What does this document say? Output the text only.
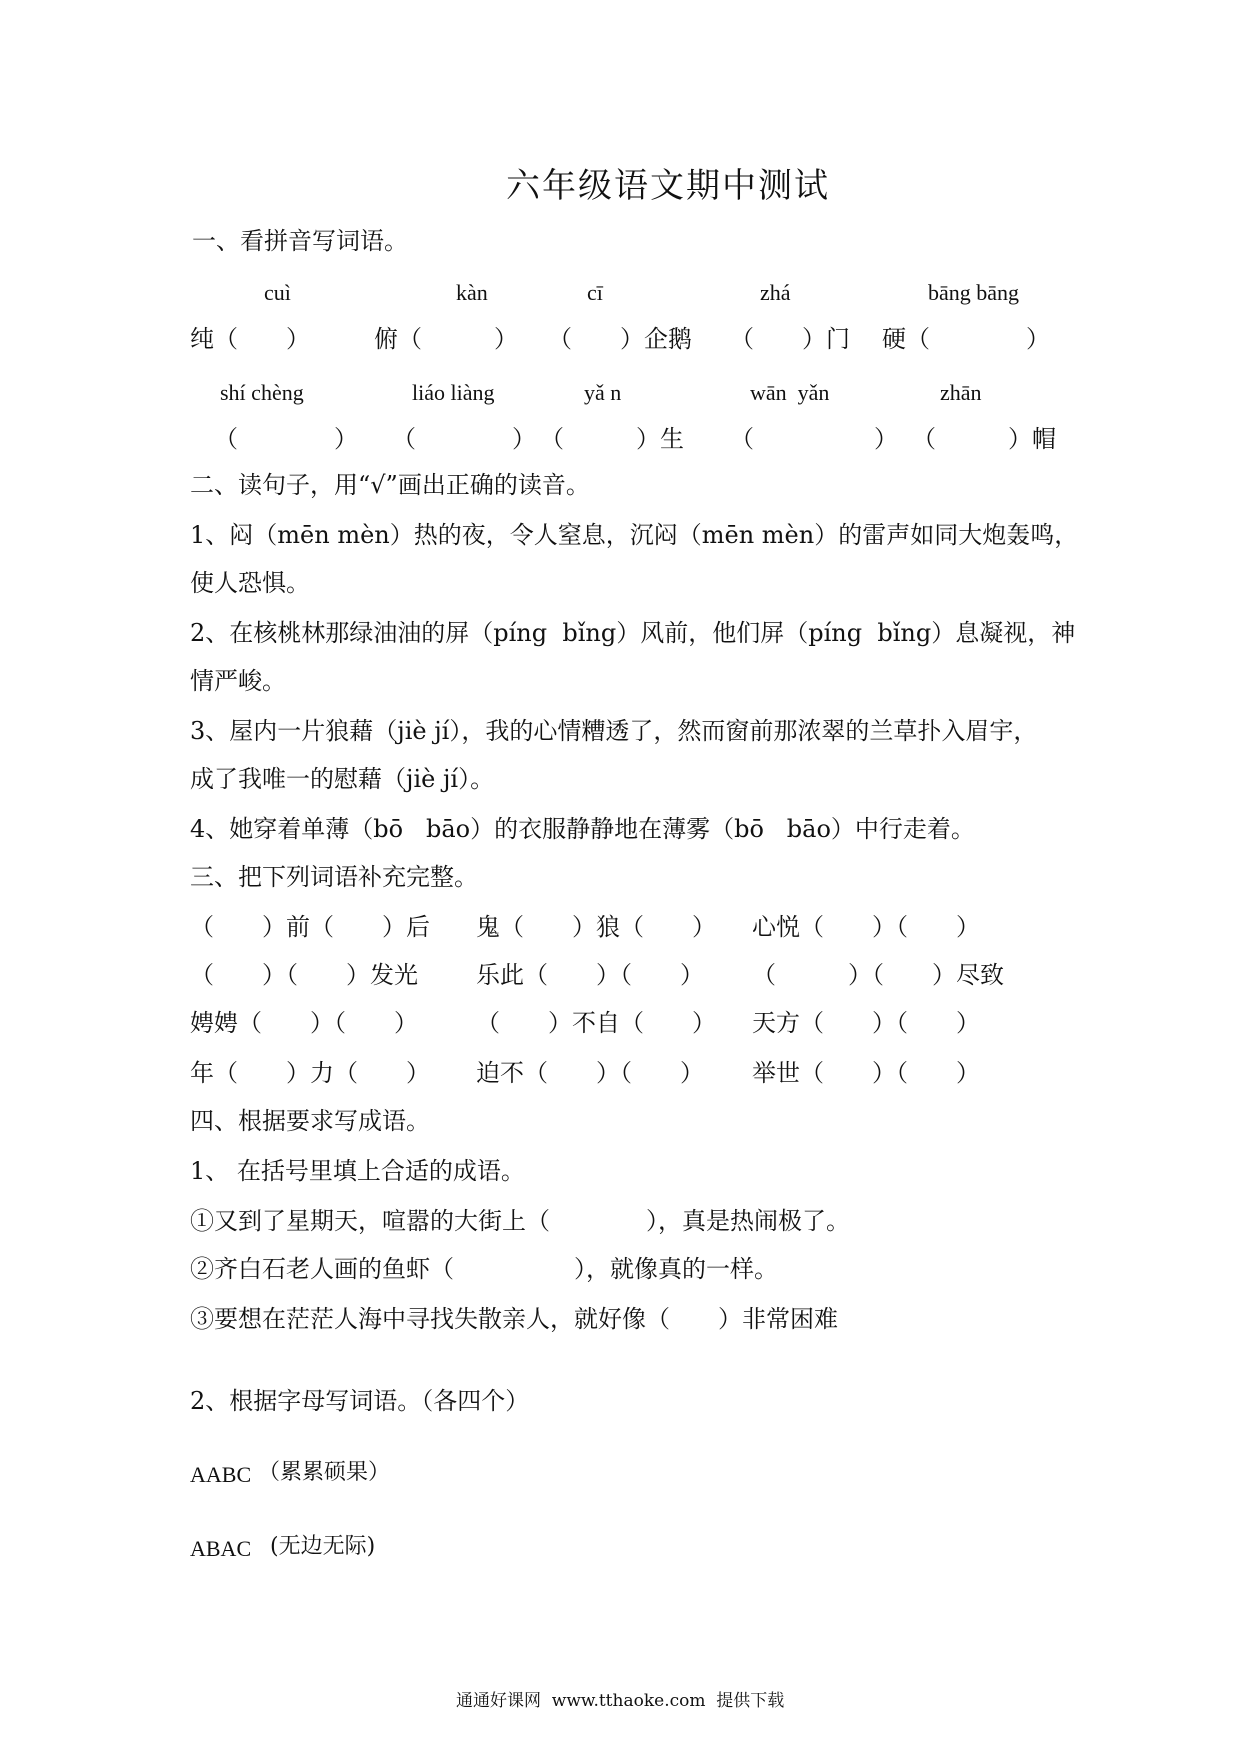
六年级语文期中测试
一、看拼音写词语。
cuì	kàn	cī	zhá	bāng bāng
纯（　　）	俯（　　　） （　　）企鹅 （　　）门 硬（　　　　）
shí chèng	liáo liàng	yǎ n	wān  yǎn	zhān
（　　　　） （　　　　） （　　　）生 （　　　　　） （　　　）帽
二、读句子，用“√”画出正确的读音。
1、闷（mēn mèn）热的夜，令人窒息，沉闷（mēn mèn）的雷声如同大炮轰鸣，
使人恐惧。
2、在核桃林那绿油油的屏（píng  bǐng）风前，他们屏（píng  bǐng）息凝视，神
情严峻。
3、屋内一片狼藉（jiè jí），我的心情糟透了，然而窗前那浓翠的兰草扑入眉宇，
成了我唯一的慰藉（jiè jí）。
4、她穿着单薄（bō   bāo）的衣服静静地在薄雾（bō   bāo）中行走着。
三、把下列词语补充完整。
（　　）前（　　）后 鬼（　　）狼（　　） 心悦（　　）（　　）
（　　）（　　）发光 乐此（　　）（　　） （　　　）（　　）尽致
娉娉（　　）（　　） （　　）不自（　　） 天方（　　）（　　）
年（　　）力（　　） 迫不（　　）（　　） 举世（　　）（　　）
四、根据要求写成语。
1、 在括号里填上合适的成语。
①又到了星期天，喧嚣的大街上（　　　　），真是热闹极了。
②齐白石老人画的鱼虾（　　　　　），就像真的一样。
③要想在茫茫人海中寻找失散亲人，就好像（　　）非常困难
2、根据字母写词语。（各四个）
AABC （累累硕果）
ABAC (无边无际)
通通好课网  www.tthaoke.com  提供下载
